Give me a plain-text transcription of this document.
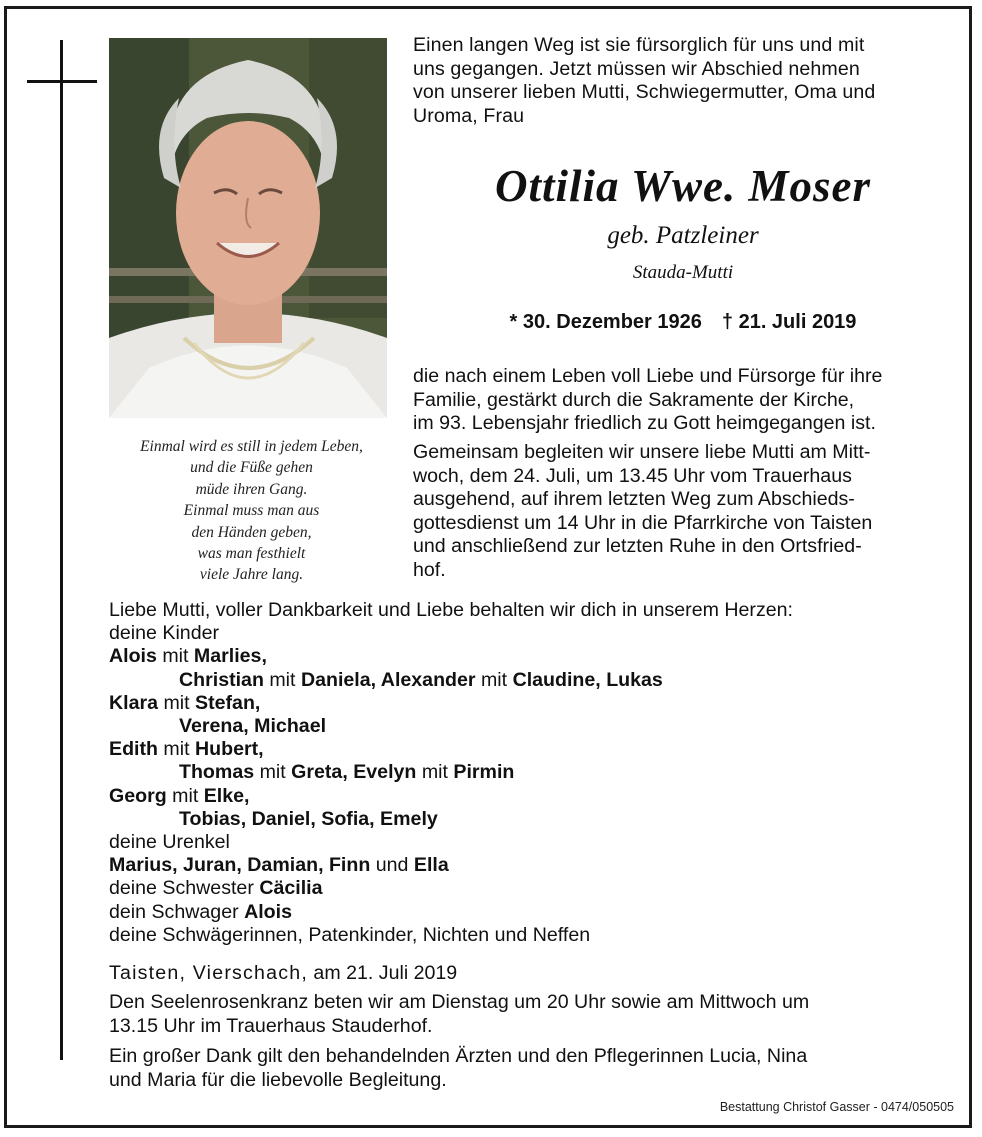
Einen langen Weg ist sie fürsorglich für uns und mit
uns gegangen. Jetzt müssen wir Abschied nehmen
von unserer lieben Mutti, Schwiegermutter, Oma und
Uroma, Frau
Ottilia Wwe. Moser
geb. Patzleiner
Stauda-Mutti
* 30. Dezember 1926 † 21. Juli 2019
Einmal wird es still in jedem Leben,
und die Füße gehen
müde ihren Gang.
Einmal muss man aus
den Händen geben,
was man festhielt
viele Jahre lang.
die nach einem Leben voll Liebe und Fürsorge für ihre
Familie, gestärkt durch die Sakramente der Kirche,
im 93. Lebensjahr friedlich zu Gott heimgegangen ist.
Gemeinsam begleiten wir unsere liebe Mutti am Mitt-
woch, dem 24. Juli, um 13.45 Uhr vom Trauerhaus
ausgehend, auf ihrem letzten Weg zum Abschieds-
gottesdienst um 14 Uhr in die Pfarrkirche von Taisten
und anschließend zur letzten Ruhe in den Ortsfried-
hof.
Liebe Mutti, voller Dankbarkeit und Liebe behalten wir dich in unserem Herzen:
deine Kinder
Alois mit Marlies,
Christian mit Daniela, Alexander mit Claudine, Lukas
Klara mit Stefan,
Verena, Michael
Edith mit Hubert,
Thomas mit Greta, Evelyn mit Pirmin
Georg mit Elke,
Tobias, Daniel, Sofia, Emely
deine Urenkel
Marius, Juran, Damian, Finn und Ella
deine Schwester Cäcilia
dein Schwager Alois
deine Schwägerinnen, Patenkinder, Nichten und Neffen
Taisten, Vierschach, am 21. Juli 2019
Den Seelenrosenkranz beten wir am Dienstag um 20 Uhr sowie am Mittwoch um
13.15 Uhr im Trauerhaus Stauderhof.
Ein großer Dank gilt den behandelnden Ärzten und den Pflegerinnen Lucia, Nina
und Maria für die liebevolle Begleitung.
Bestattung Christof Gasser - 0474/050505
